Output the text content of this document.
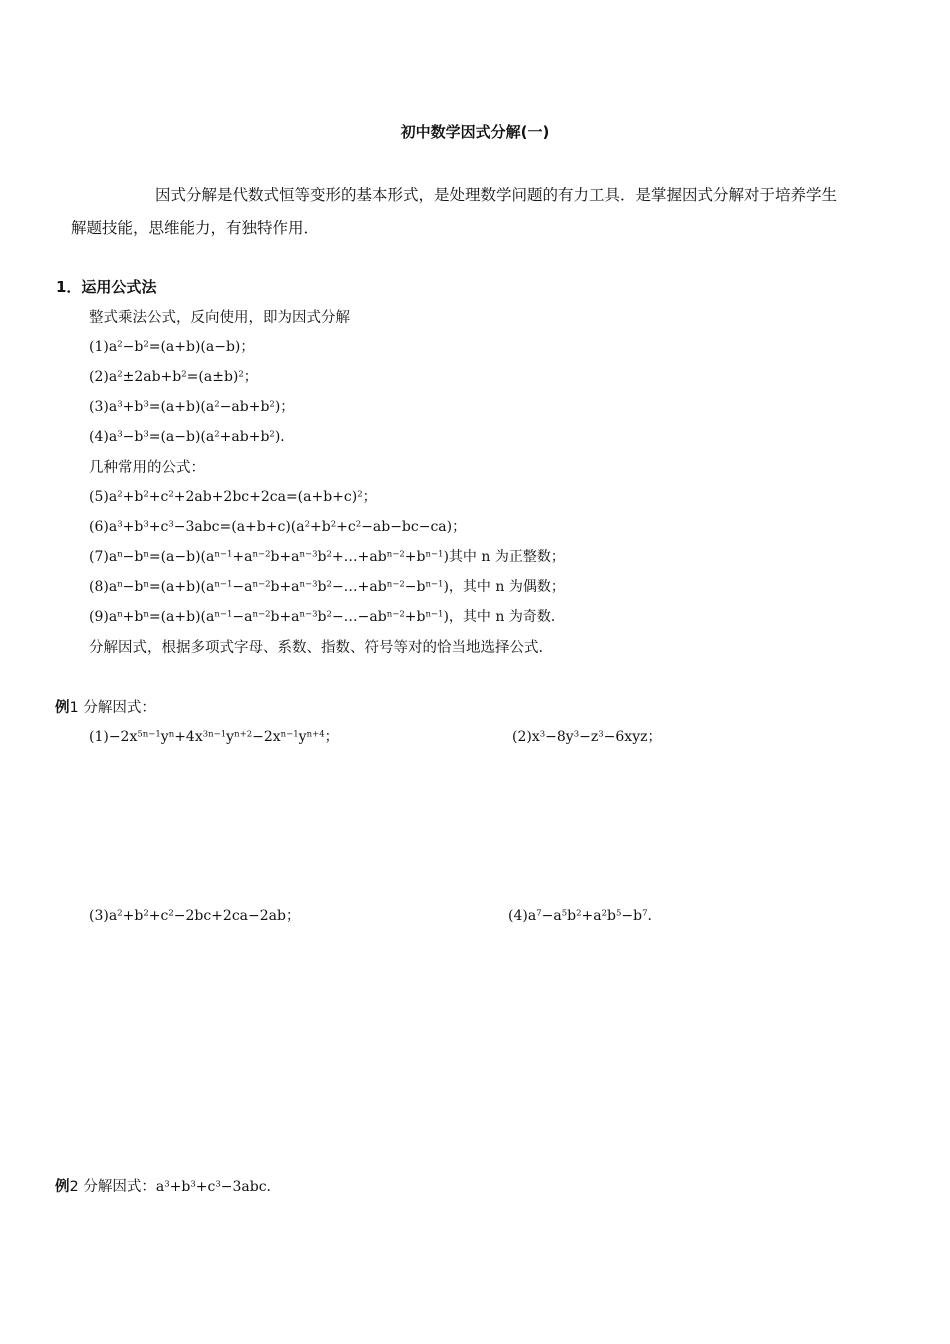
初中数学因式分解(一)
因式分解是代数式恒等变形的基本形式，是处理数学问题的有力工具．是掌握因式分解对于培养学生
解题技能，思维能力，有独特作用．
1．运用公式法
整式乘法公式，反向使用，即为因式分解
$(1)a^2-b^2=(a+b)(a-b)$；
$(2)a^2\pm 2ab+b^2=(a\pm b)^2$；
$(3)a^3+b^3=(a+b)(a^2-ab+b^2)$；
$(4)a^3-b^3=(a-b)(a^2+ab+b^2)$．
几种常用的公式：
$(5)a^2+b^2+c^2+2ab+2bc+2ca=(a+b+c)^2$；
$(6)a^3+b^3+c^3-3abc=(a+b+c)(a^2+b^2+c^2-ab-bc-ca)$；
$(7)a^n-b^n=(a-b)(a^{n-1}+a^{n-2}b+a^{n-3}b^2+\dots+ab^{n-2}+b^{n-1})$其中 n 为正整数；
$(8)a^n-b^n=(a+b)(a^{n-1}-a^{n-2}b+a^{n-3}b^2-\dots+ab^{n-2}-b^{n-1})$，其中 n 为偶数；
$(9)a^n+b^n=(a+b)(a^{n-1}-a^{n-2}b+a^{n-3}b^2-\dots-ab^{n-2}+b^{n-1})$，其中 n 为奇数．
分解因式，根据多项式字母、系数、指数、符号等对的恰当地选择公式．
例1 分解因式：
$(1)-2x^{5n-1}y^n+4x^{3n-1}y^{n+2}-2x^{n-1}y^{n+4}$；	$(2)x^3-8y^3-z^3-6xyz$；
$(3)a^2+b^2+c^2-2bc+2ca-2ab$；	$(4)a^7-a^5b^2+a^2b^5-b^7$．
例2 分解因式：$a^3+b^3+c^3-3abc$．
